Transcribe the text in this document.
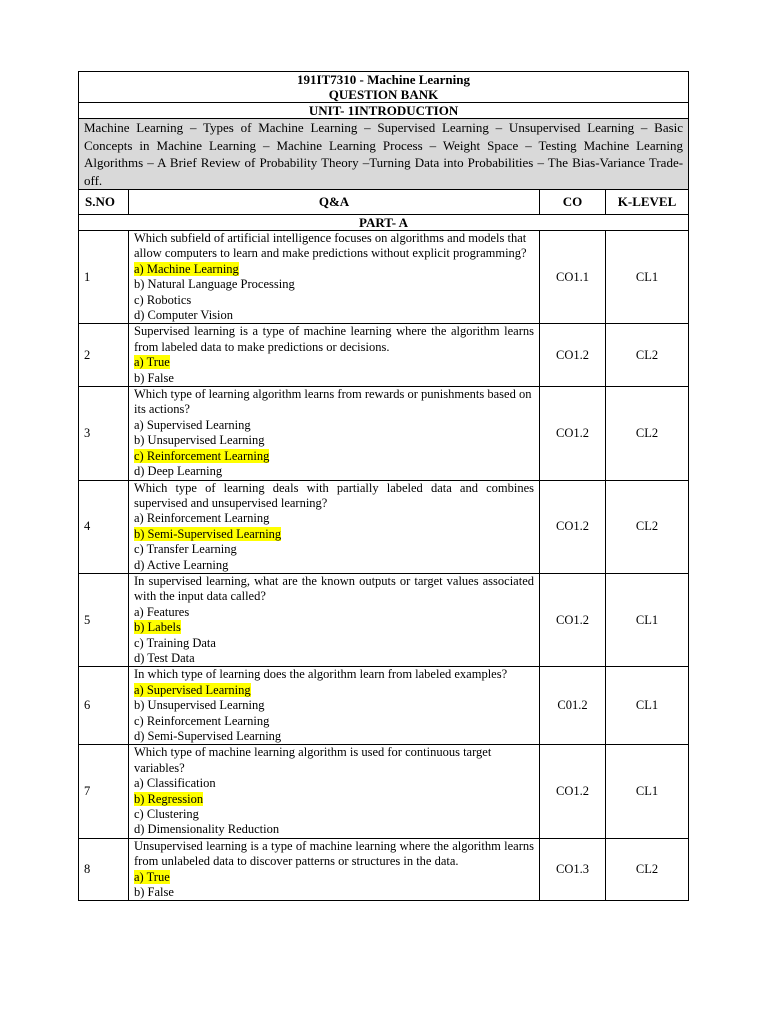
191IT7310 - Machine Learning
QUESTION BANK			

UNIT- 1INTRODUCTION			
Machine Learning – Types of Machine Learning – Supervised Learning – Unsupervised Learning – Basic Concepts in Machine Learning – Machine Learning Process – Weight Space – Testing Machine Learning Algorithms – A Brief Review of Probability Theory –Turning Data into Probabilities – The Bias-Variance Trade-off.			
S.NO	Q&A	CO	K-LEVEL
PART- A			
1	Which subfield of artificial intelligence focuses on algorithms and models that allow computers to learn and make predictions without explicit programming?
a) Machine Learning
b) Natural Language Processing
c) Robotics
d) Computer Vision	CO1.1	CL1
2	Supervised learning is a type of machine learning where the algorithm learns from labeled data to make predictions or decisions.
a) True
b) False	CO1.2	CL2
3	Which type of learning algorithm learns from rewards or punishments based on its actions?
a) Supervised Learning
b) Unsupervised Learning
c) Reinforcement Learning
d) Deep Learning	CO1.2	CL2
4	Which type of learning deals with partially labeled data and combines supervised and unsupervised learning?
a) Reinforcement Learning
b) Semi-Supervised Learning
c) Transfer Learning
d) Active Learning	CO1.2	CL2
5	In supervised learning, what are the known outputs or target values associated with the input data called?
a) Features
b) Labels
c) Training Data
d) Test Data	CO1.2	CL1
6	In which type of learning does the algorithm learn from labeled examples?
a) Supervised Learning
b) Unsupervised Learning
c) Reinforcement Learning
d) Semi-Supervised Learning	C01.2	CL1
7	Which type of machine learning algorithm is used for continuous target variables?
a) Classification
b) Regression
c) Clustering
d) Dimensionality Reduction	CO1.2	CL1
8	Unsupervised learning is a type of machine learning where the algorithm learns from unlabeled data to discover patterns or structures in the data.
a) True
b) False	CO1.3	CL2
